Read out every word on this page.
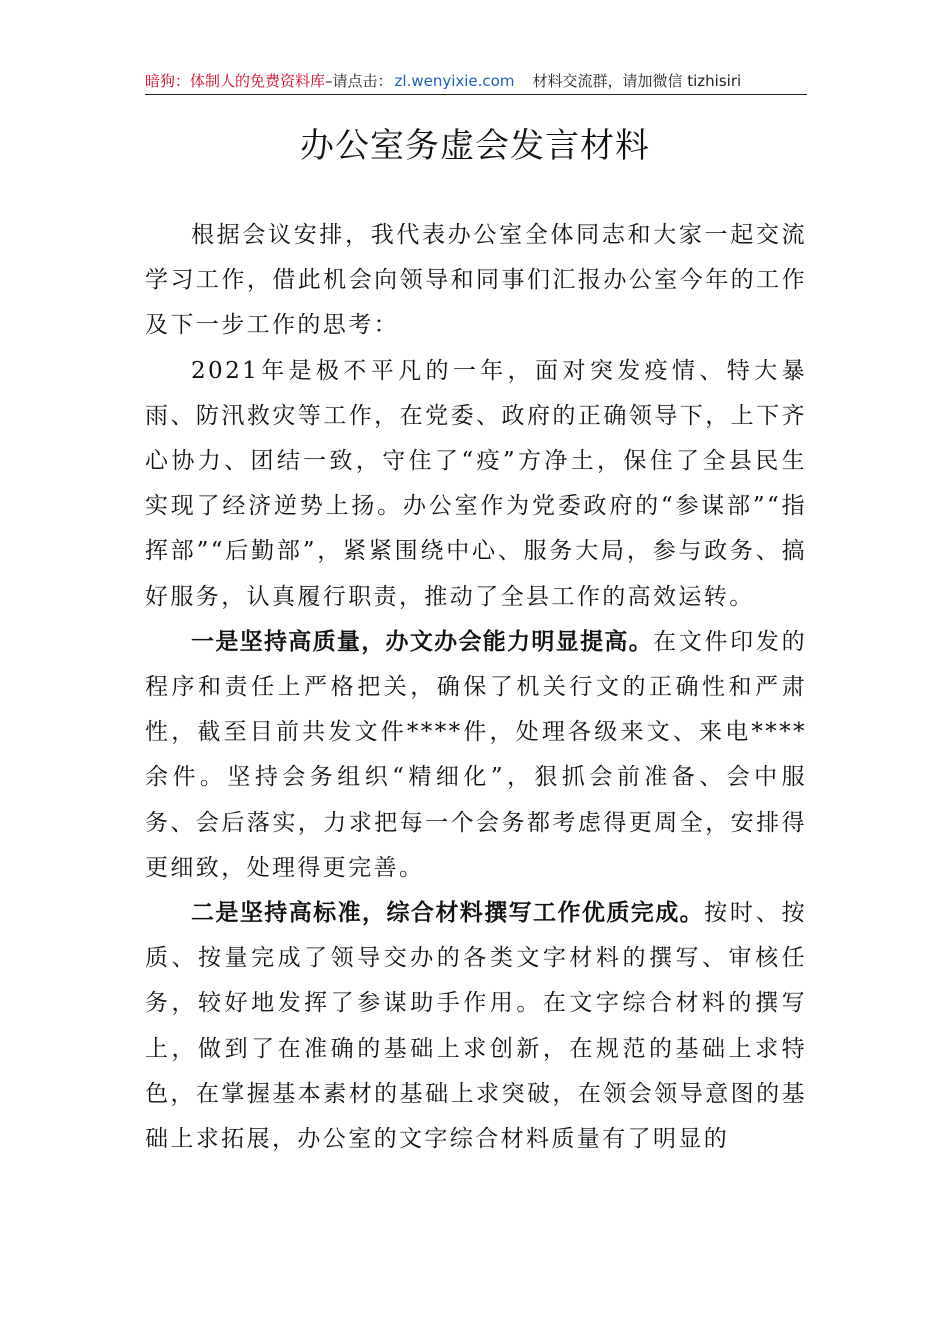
暗狗：体制人的免费资料库–请点击： zl.wenyixie.com 材料交流群，请加微信 tizhisiri
办公室务虚会发言材料

根据会议安排，我代表办公室全体同志和大家一起交流学习工作，借此机会向领导和同事们汇报办公室今年的工作及下一步工作的思考：

2021年是极不平凡的一年，面对突发疫情、特大暴雨、防汛救灾等工作，在党委、政府的正确领导下，上下齐心协力、团结一致，守住了“疫”方净土，保住了全县民生实现了经济逆势上扬。办公室作为党委政府的“参谋部”“指挥部”“后勤部”，紧紧围绕中心、服务大局，参与政务、搞好服务，认真履行职责，推动了全县工作的高效运转。

一是坚持高质量，办文办会能力明显提高。在文件印发的程序和责任上严格把关，确保了机关行文的正确性和严肃性，截至目前共发文件****件，处理各级来文、来电****余件。坚持会务组织“精细化”，狠抓会前准备、会中服务、会后落实，力求把每一个会务都考虑得更周全，安排得更细致，处理得更完善。

二是坚持高标准，综合材料撰写工作优质完成。按时、按质、按量完成了领导交办的各类文字材料的撰写、审核任务，较好地发挥了参谋助手作用。在文字综合材料的撰写上，做到了在准确的基础上求创新，在规范的基础上求特色，在掌握基本素材的基础上求突破，在领会领导意图的基础上求拓展，办公室的文字综合材料质量有了明显的
